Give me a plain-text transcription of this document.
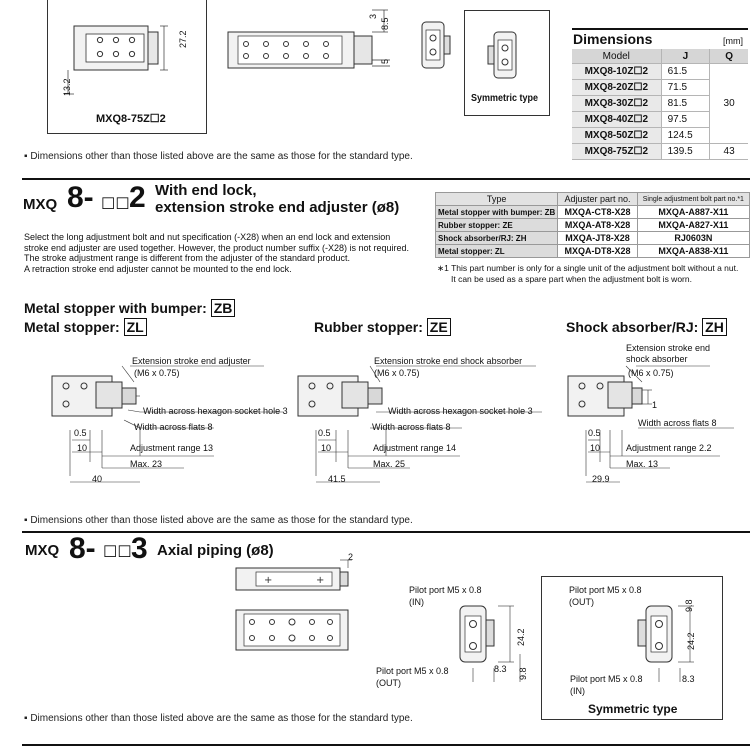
27.2
13.2
MXQ8-75Z☐2
3
8.5
5
Symmetric type
Dimensions	[mm]
Model	J	Q
MXQ8-10Z☐2	61.5	30
MXQ8-20Z☐2	71.5	
MXQ8-30Z☐2	81.5	
MXQ8-40Z☐2	97.5	
MXQ8-50Z☐2	124.5	
MXQ8-75Z☐2	139.5	43
▪ Dimensions other than those listed above are the same as those for the standard type.
MXQ 8- ☐☐ 2 With end lock,
extension stroke end adjuster (ø8)
Select the long adjustment bolt and nut specification (-X28) when an end lock and extension
stroke end adjuster are used together. However, the product number suffix (-X28) is not required.
The stroke adjustment range is different from the adjuster of the standard product.
A retraction stroke end adjuster cannot be mounted to the end lock.
Type	Adjuster part no.	Single adjustment bolt part no.*1
Metal stopper with bumper: ZB	MXQA-CT8-X28	MXQA-A887-X11
Rubber stopper: ZE	MXQA-AT8-X28	MXQA-A827-X11
Shock absorber/RJ: ZH	MXQA-JT8-X28	RJ0603N
Metal stopper: ZL	MXQA-DT8-X28	MXQA-A838-X11
∗1 This part number is only for a single unit of the adjustment bolt without a nut.
It can be used as a spare part when the adjustment bolt is worn.
Metal stopper with bumper: ZB
Metal stopper: ZL	Rubber stopper: ZE	Shock absorber/RJ: ZH
Extension stroke end adjuster
(M6 x 0.75)
Width across hexagon socket hole 3
Width across flats 8
0.5
10	Adjustment range 13
Max. 23
40
Extension stroke end shock absorber
(M6 x 0.75)
Width across hexagon socket hole 3
Width across flats 8
0.5
10	Adjustment range 14
Max. 25
41.5
Extension stroke end
shock absorber
(M6 x 0.75)
1
Width across flats 8
0.5
10	Adjustment range 2.2
Max. 13
29.9
▪ Dimensions other than those listed above are the same as those for the standard type.
MXQ 8- ☐☐ 3 Axial piping (ø8)
+	+
2
Pilot port M5 x 0.8
(IN)
Pilot port M5 x 0.8
(OUT)
24.2
8.3 9.8
Pilot port M5 x 0.8
(OUT)	9.8
24.2
Pilot port M5 x 0.8
(IN)
8.3
Symmetric type
▪ Dimensions other than those listed above are the same as those for the standard type.
